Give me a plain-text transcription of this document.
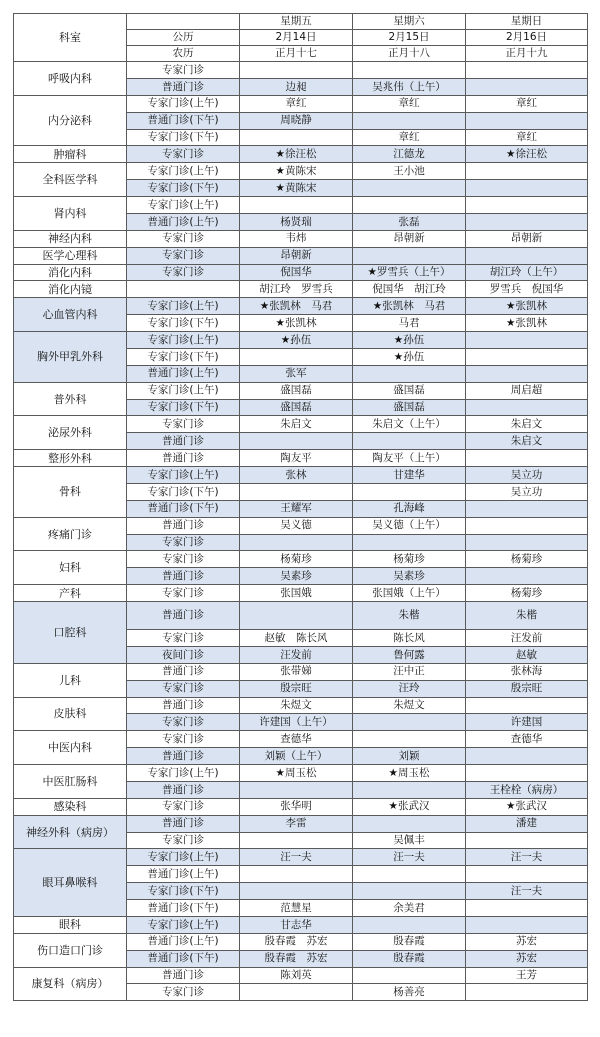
科室		星期五	星期六	星期日
	公历	2月14日	2月15日	2月16日
	农历	正月十七	正月十八	正月十九
呼吸内科	专家门诊			
	普通门诊	边昶	吴兆伟（上午）	
内分泌科	专家门诊(上午)	章红	章红	章红
	普通门诊(下午)	周晓静		
	专家门诊(下午)		章红	章红
肿瘤科	专家门诊	★徐汪松	江德龙	★徐汪松
全科医学科	专家门诊(上午)	★黄陈宋	王小池	
	专家门诊(下午)	★黄陈宋		
肾内科	专家门诊(上午)			
	普通门诊(上午)	杨贤瑞	张磊	
神经内科	专家门诊	韦炜	昂朝新	昂朝新
医学心理科	专家门诊	昂朝新		
消化内科	专家门诊	倪国华	★罗雪兵（上午）	胡江玲（上午）
消化内镜		胡江玲　罗雪兵	倪国华　胡江玲	罗雪兵　倪国华
心血管内科	专家门诊(上午)	★张凯林　马君	★张凯林　马君	★张凯林
	专家门诊(下午)	★张凯林	马君	★张凯林
胸外甲乳外科	专家门诊(上午)	★孙伍	★孙伍	
	专家门诊(下午)		★孙伍	
	普通门诊(上午)	张军		
普外科	专家门诊(上午)	盛国磊	盛国磊	周启超
	专家门诊(下午)	盛国磊	盛国磊	
泌尿外科	专家门诊	朱启文	朱启文（上午）	朱启文
	普通门诊			朱启文
整形外科	普通门诊	陶友平	陶友平（上午）	
骨科	专家门诊(上午)	张林	甘建华	吴立功
	专家门诊(下午)			吴立功
	普通门诊(下午)	王耀军	孔海峰	
疼痛门诊	普通门诊	吴义德	吴义德（上午）	
	专家门诊			
妇科	专家门诊	杨菊珍	杨菊珍	杨菊珍
	普通门诊	吴素珍	吴素珍	
产科	专家门诊	张国娥	张国娥（上午）	杨菊珍
口腔科	普通门诊		朱楷	朱楷
	专家门诊	赵敏　陈长风	陈长风	汪发前
	夜间门诊	汪发前	鲁何露	赵敏
儿科	普通门诊	张带娣	汪中正	张林海
	专家门诊	殷宗旺	汪玲	殷宗旺
皮肤科	普通门诊	朱煜文	朱煜文	
	专家门诊	许建国（上午）		许建国
中医内科	专家门诊	查德华		查德华
	普通门诊	刘颖（上午）	刘颖	
中医肛肠科	专家门诊(上午)	★周玉松	★周玉松	
	普通门诊			王栓栓（病房）
感染科	专家门诊	张华明	★张武汉	★张武汉
神经外科（病房）	普通门诊	李雷		潘建
	专家门诊		吴佩丰	
眼耳鼻喉科	专家门诊(上午)	汪一夫	汪一夫	汪一夫
	普通门诊(上午)			
	专家门诊(下午)			汪一夫
	普通门诊(下午)	范慧星	余美君	
眼科	专家门诊(上午)	甘志华		
伤口造口门诊	普通门诊(上午)	殷春霞　苏宏	殷春霞	苏宏
	普通门诊(下午)	殷春霞　苏宏	殷春霞	苏宏
康复科（病房）	普通门诊	陈刘英		王芳
	专家门诊		杨善亮	
